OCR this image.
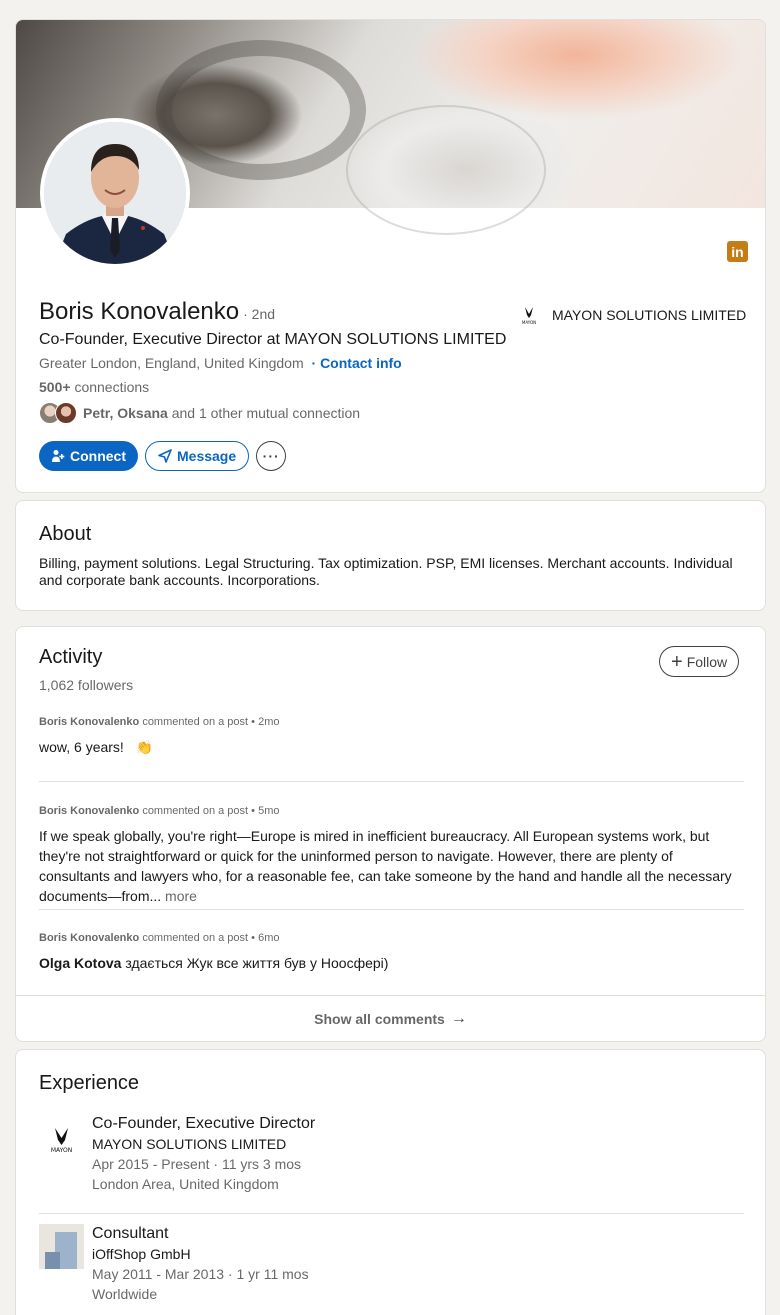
in
Boris Konovalenko · 2nd
MAYON MAYON SOLUTIONS LIMITED
Co-Founder, Executive Director at MAYON SOLUTIONS LIMITED
Greater London, England, United Kingdom · Contact info
500+ connections
Petr, Oksana and 1 other mutual connection
Connect	Message ···
About
Billing, payment solutions. Legal Structuring. Tax optimization. PSP, EMI licenses. Merchant accounts. Individual and corporate bank accounts. Incorporations.
Activity
1,062 followers
+ Follow
Boris Konovalenko commented on a post • 2mo
wow, 6 years! 👏
Boris Konovalenko commented on a post • 5mo
If we speak globally, you're right—Europe is mired in inefficient bureaucracy. All European systems work, but they're not straightforward or quick for the uninformed person to navigate. However, there are plenty of consultants and lawyers who, for a reasonable fee, can take someone by the hand and handle all the necessary documents—from... more
Boris Konovalenko commented on a post • 6mo
Olga Kotova здається Жук все життя був у Ноосфері)
Show all comments →
Experience
MAYON
Co-Founder, Executive Director
MAYON SOLUTIONS LIMITED
Apr 2015 - Present · 11 yrs 3 mos
London Area, United Kingdom
Consultant
iOffShop GmbH
May 2011 - Mar 2013 · 1 yr 11 mos
Worldwide
